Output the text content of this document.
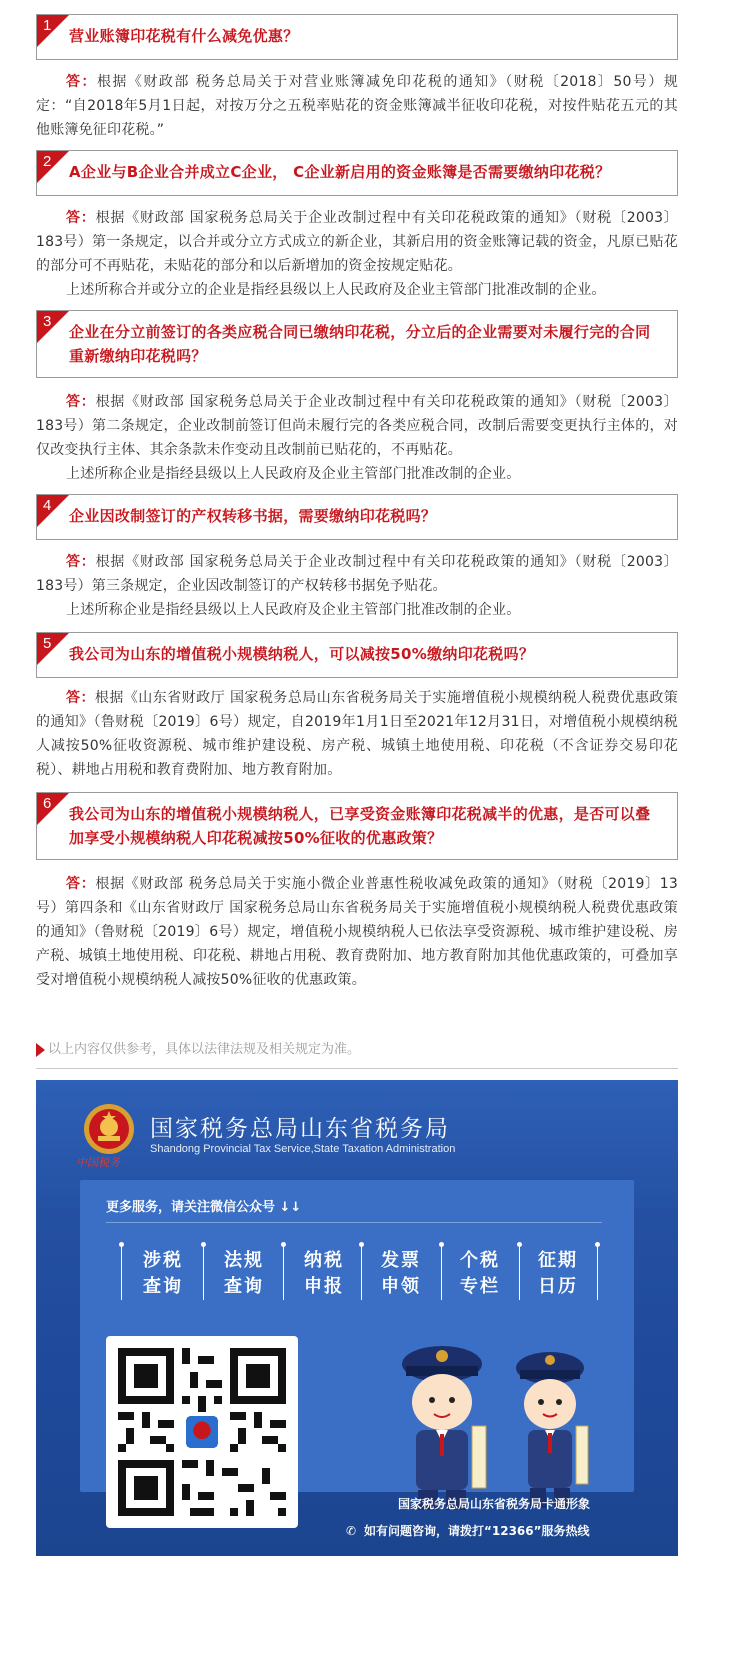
1
营业账簿印花税有什么减免优惠？

答：根据《财政部 税务总局关于对营业账簿减免印花税的通知》（财税〔2018〕50号）规定：“自2018年5月1日起，对按万分之五税率贴花的资金账簿减半征收印花税，对按件贴花五元的其他账簿免征印花税。”

2
A企业与B企业合并成立C企业， C企业新启用的资金账簿是否需要缴纳印花税？

答：根据《财政部 国家税务总局关于企业改制过程中有关印花税政策的通知》（财税〔2003〕183号）第一条规定，以合并或分立方式成立的新企业，其新启用的资金账簿记载的资金，凡原已贴花的部分可不再贴花，未贴花的部分和以后新增加的资金按规定贴花。

上述所称合并或分立的企业是指经县级以上人民政府及企业主管部门批准改制的企业。

3
企业在分立前签订的各类应税合同已缴纳印花税，分立后的企业需要对未履行完的合同重新缴纳印花税吗？

答：根据《财政部 国家税务总局关于企业改制过程中有关印花税政策的通知》（财税〔2003〕183号）第二条规定，企业改制前签订但尚未履行完的各类应税合同，改制后需要变更执行主体的，对仅改变执行主体、其余条款未作变动且改制前已贴花的，不再贴花。

上述所称企业是指经县级以上人民政府及企业主管部门批准改制的企业。

4
企业因改制签订的产权转移书据，需要缴纳印花税吗？

答：根据《财政部 国家税务总局关于企业改制过程中有关印花税政策的通知》（财税〔2003〕183号）第三条规定，企业因改制签订的产权转移书据免予贴花。

上述所称企业是指经县级以上人民政府及企业主管部门批准改制的企业。

5
我公司为山东的增值税小规模纳税人，可以减按50%缴纳印花税吗？

答：根据《山东省财政厅 国家税务总局山东省税务局关于实施增值税小规模纳税人税费优惠政策的通知》（鲁财税〔2019〕6号）规定，自2019年1月1日至2021年12月31日，对增值税小规模纳税人减按50%征收资源税、城市维护建设税、房产税、城镇土地使用税、印花税（不含证券交易印花税）、耕地占用税和教育费附加、地方教育附加。

6
我公司为山东的增值税小规模纳税人，已享受资金账簿印花税减半的优惠，是否可以叠加享受小规模纳税人印花税减按50%征收的优惠政策？

答：根据《财政部 税务总局关于实施小微企业普惠性税收减免政策的通知》（财税〔2019〕13号）第四条和《山东省财政厅 国家税务总局山东省税务局关于实施增值税小规模纳税人税费优惠政策的通知》（鲁财税〔2019〕6号）规定，增值税小规模纳税人已依法享受资源税、城市维护建设税、房产税、城镇土地使用税、印花税、耕地占用税、教育费附加、地方教育附加其他优惠政策的，可叠加享受对增值税小规模纳税人减按50%征收的优惠政策。

以上内容仅供参考，具体以法律法规及相关规定为准。
中国税务
国家税务总局山东省税务局
Shandong Provincial Tax Service,State Taxation Administration
更多服务，请关注微信公众号 ↓↓
涉税
查询
法规
查询
纳税
申报
发票
申领
个税
专栏
征期
日历
国家税务总局山东省税务局卡通形象
✆ 如有问题咨询，请拨打“12366”服务热线
